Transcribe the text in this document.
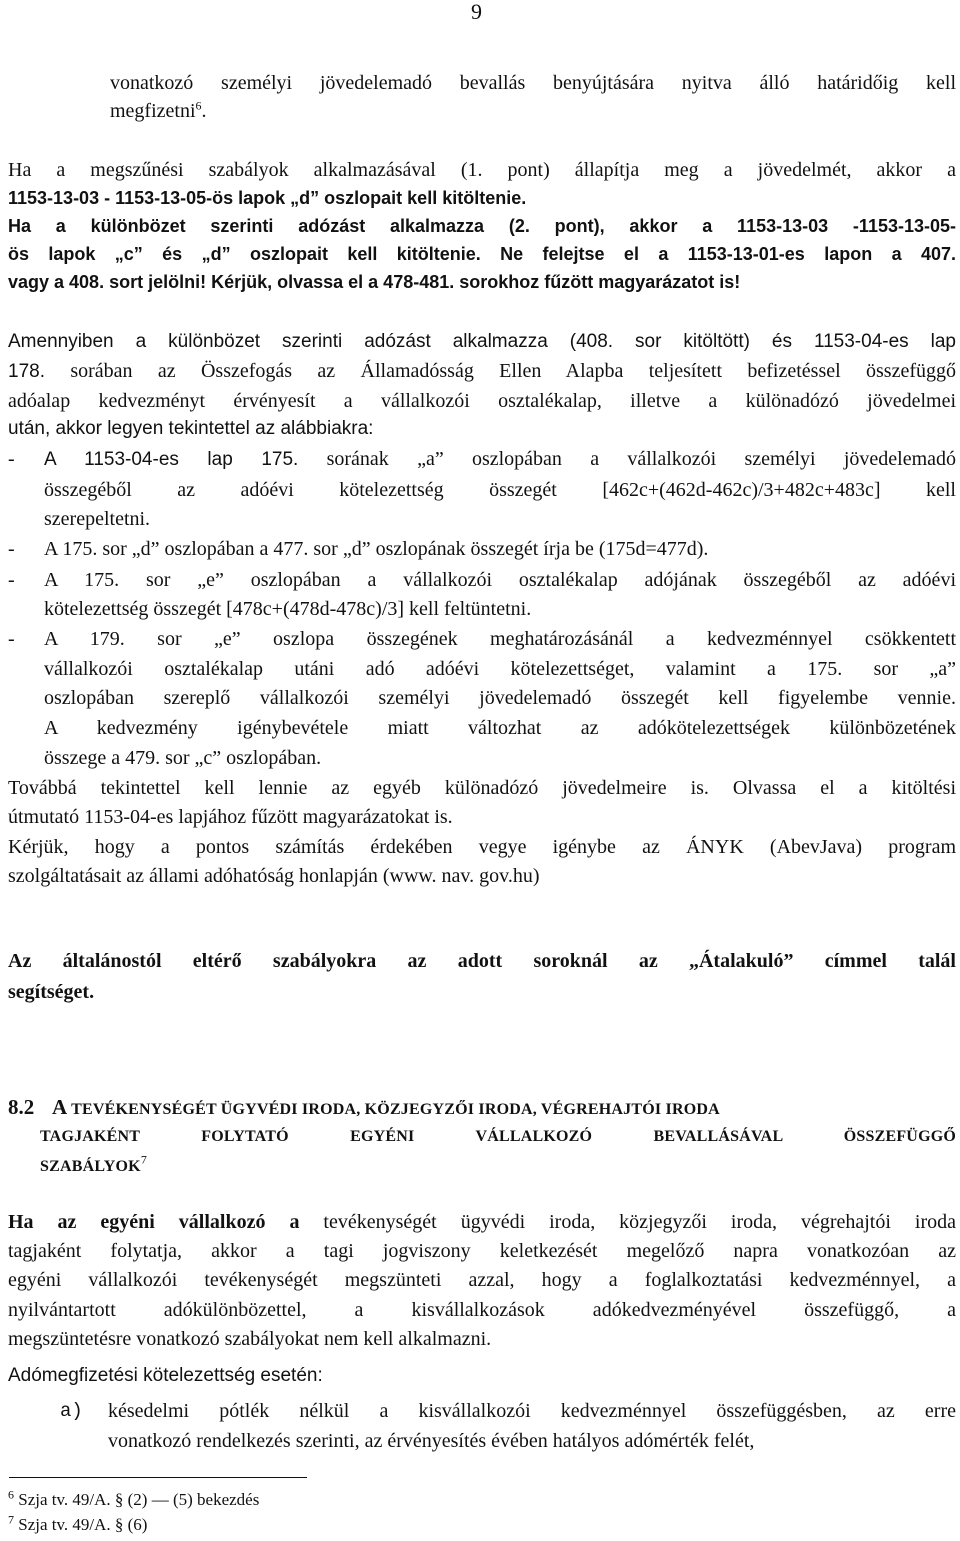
9
vonatkozó személyi jövedelemadó bevallás benyújtására nyitva álló határidőig kell
megfizetni$^6$.
Ha a megszűnési szabályok alkalmazásával (1. pont) állapítja meg a jövedelmét, akkor a
1153-13-03 - 1153-13-05-ös lapok „d” oszlopait kell kitöltenie.
Ha a különbözet szerinti adózást alkalmazza (2. pont), akkor a 1153-13-03 -1153-13-05-
ös lapok „c” és „d” oszlopait kell kitöltenie. Ne felejtse el a 1153-13-01-es lapon a 407.
vagy a 408. sort jelölni! Kérjük, olvassa el a 478-481. sorokhoz fűzött magyarázatot is!
Amennyiben a különbözet szerinti adózást alkalmazza (408. sor kitöltött) és 1153-04-es lap
178. sorában az Összefogás az Államadósság Ellen Alapba teljesített befizetéssel összefüggő
adóalap kedvezményt érvényesít a vállalkozói osztalékalap, illetve a különadózó jövedelmei
után, akkor legyen tekintettel az alábbiakra:
- A 1153-04-es lap 175. sorának „a” oszlopában a vállalkozói személyi jövedelemadó
összegéből az adóévi kötelezettség összegét [462c+(462d-462c)/3+482c+483c] kell
szerepeltetni.
- A 175. sor „d” oszlopában a 477. sor „d” oszlopának összegét írja be (175d=477d).
- A 175. sor „e” oszlopában a vállalkozói osztalékalap adójának összegéből az adóévi
kötelezettség összegét [478c+(478d-478c)/3] kell feltüntetni.
- A 179. sor „e” oszlopa összegének meghatározásánál a kedvezménnyel csökkentett
vállalkozói osztalékalap utáni adó adóévi kötelezettséget, valamint a 175. sor „a”
oszlopában szereplő vállalkozói személyi jövedelemadó összegét kell figyelembe vennie.
A kedvezmény igénybevétele miatt változhat az adókötelezettségek különbözetének
összege a 479. sor „c” oszlopában.
Továbbá tekintettel kell lennie az egyéb különadózó jövedelmeire is. Olvassa el a kitöltési
útmutató 1153-04-es lapjához fűzött magyarázatokat is.
Kérjük, hogy a pontos számítás érdekében vegye igénybe az ÁNYK (AbevJava) program
szolgáltatásait az állami adóhatóság honlapján (www. nav. gov.hu)
Az általánostól eltérő szabályokra az adott soroknál az „Átalakuló” címmel talál
segítséget.
8.2 A TEVÉKENYSÉGÉT ÜGYVÉDI IRODA, KÖZJEGYZŐI IRODA, VÉGREHAJTÓI IRODA
TAGJAKÉNT FOLYTATÓ EGYÉNI VÁLLALKOZÓ BEVALLÁSÁVAL ÖSSZEFÜGGŐ
SZABÁLYOK$^7$
Ha az egyéni vállalkozó a tevékenységét ügyvédi iroda, közjegyzői iroda, végrehajtói iroda
tagjaként folytatja, akkor a tagi jogviszony keletkezését megelőző napra vonatkozóan az
egyéni vállalkozói tevékenységét megszünteti azzal, hogy a foglalkoztatási kedvezménnyel, a
nyilvántartott adókülönbözettel, a kisvállalkozások adókedvezményével összefüggő, a
megszüntetésre vonatkozó szabályokat nem kell alkalmazni.
Adómegfizetési kötelezettség esetén:
a) késedelmi pótlék nélkül a kisvállalkozói kedvezménnyel összefüggésben, az erre
vonatkozó rendelkezés szerinti, az érvényesítés évében hatályos adómérték felét,
$^6$ Szja tv. 49/A. § (2) — (5) bekezdés
$^7$ Szja tv. 49/A. § (6)
